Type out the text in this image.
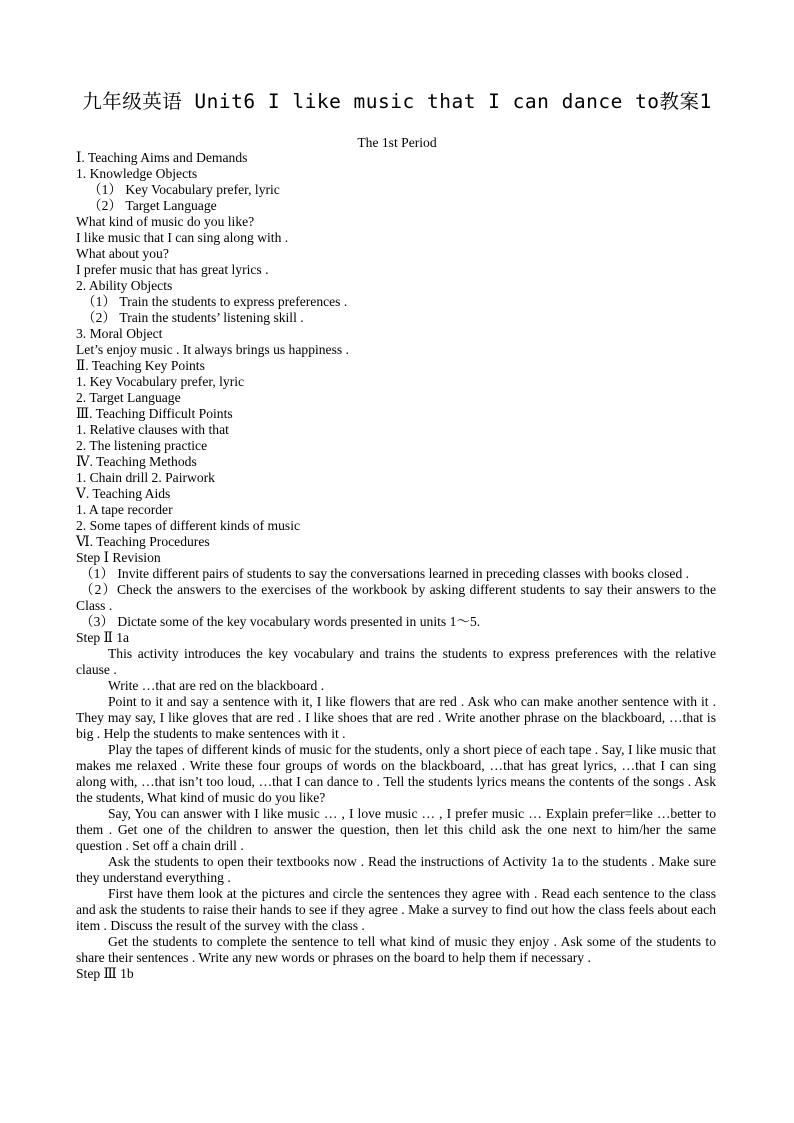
九年级英语 Unit6 I like music that I can dance to教案1
The 1st Period
Ⅰ. Teaching Aims and Demands
1. Knowledge Objects
（1） Key Vocabulary prefer, lyric
（2） Target Language
What kind of music do you like?
I like music that I can sing along with .
What about you?
I prefer music that has great lyrics .
2. Ability Objects
（1） Train the students to express preferences .
（2） Train the students’ listening skill .
3. Moral Object
Let’s enjoy music . It always brings us happiness .
Ⅱ. Teaching Key Points
1. Key Vocabulary prefer, lyric
2. Target Language
Ⅲ. Teaching Difficult Points
1. Relative clauses with that
2. The listening practice
Ⅳ. Teaching Methods
1. Chain drill 2. Pairwork
Ⅴ. Teaching Aids
1. A tape recorder
2. Some tapes of different kinds of music
Ⅵ. Teaching Procedures
Step Ⅰ Revision
（1） Invite different pairs of students to say the conversations learned in preceding classes with books closed .
（2）Check the answers to the exercises of the workbook by asking different students to say their answers to the Class .
（3） Dictate some of the key vocabulary words presented in units 1～5.
Step Ⅱ 1a
This activity introduces the key vocabulary and trains the students to express preferences with the relative clause .
Write …that are red on the blackboard .
Point to it and say a sentence with it, I like flowers that are red . Ask who can make another sentence with it . They may say, I like gloves that are red . I like shoes that are red . Write another phrase on the blackboard, …that is big . Help the students to make sentences with it .
Play the tapes of different kinds of music for the students, only a short piece of each tape . Say, I like music that makes me relaxed . Write these four groups of words on the blackboard, …that has great lyrics, …that I can sing along with, …that isn’t too loud, …that I can dance to . Tell the students lyrics means the contents of the songs . Ask the students, What kind of music do you like?
Say, You can answer with I like music … , I love music … , I prefer music … Explain prefer=like …better to them . Get one of the children to answer the question, then let this child ask the one next to him/her the same question . Set off a chain drill .
Ask the students to open their textbooks now . Read the instructions of Activity 1a to the students . Make sure they understand everything .
First have them look at the pictures and circle the sentences they agree with . Read each sentence to the class and ask the students to raise their hands to see if they agree . Make a survey to find out how the class feels about each item . Discuss the result of the survey with the class .
Get the students to complete the sentence to tell what kind of music they enjoy . Ask some of the students to share their sentences . Write any new words or phrases on the board to help them if necessary .
Step Ⅲ 1b
